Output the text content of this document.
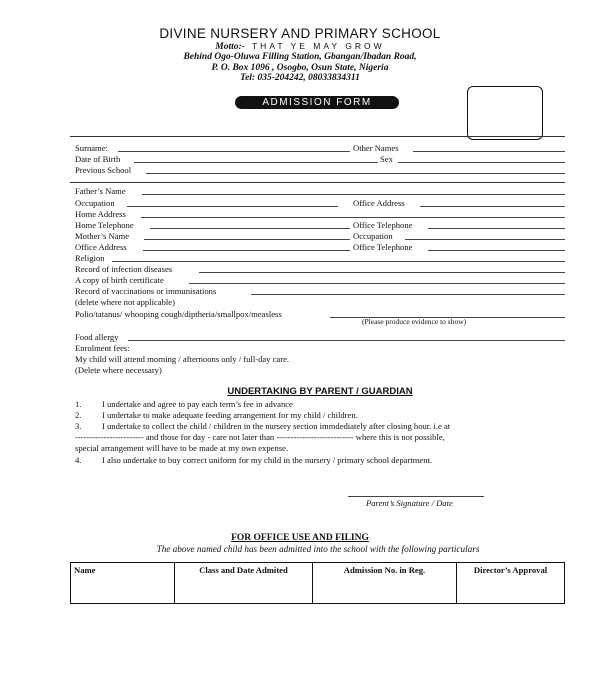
DIVINE NURSERY AND PRIMARY SCHOOL
Motto:- THAT YE MAY GROW
Behind Ogo-Oluwa Filling Station, Gbangan/Ibadan Road,
P. O. Box 1096 , Osogbo, Osun State, Nigeria
Tel: 035-204242, 08033834311
ADMISSION FORM
Surname:	Other Names
Date of Birth	Sex
Previous School
Father’s Name
Occupation	Office Address
Home Address
Home Telephone	Office Telephone
Mother’s Name	Occupation
Office Address	Office Telephone
Religion
Record of infection diseases
A copy of birth certificate
Record of vaccinations or immunisations
(delete where not applicable)
Polio/tatanus/ whooping cough/diptheria/smallpox/measless
(Please produce evidence to show)
Food allergy
Enrolment fees:
My child will attend morning / afternoons only / full-day care.
(Delete where necessary)
UNDERTAKING BY PARENT / GUARDIAN
1. I undertake and agree to pay each term’s fee in advance
2. I undertake to make adequate feeding arrangement for my child / children.
3. I undertake to collect the child / children in the nursery section immdediately after closing hour. i.e at
------------------------ and those for day - care not later than --------------------------- where this is not possible,
special arrangement will have to be made at my own expense.
4. I also undertake to buy correct uniform for my child in the nursery / primary school department.
Parent’s Signature / Date
FOR OFFICE USE AND FILING
The above named child has been admitted into the school with the following particulars
Name	Class and Date Admited	Admission No. in Reg.	Director’s Approval
